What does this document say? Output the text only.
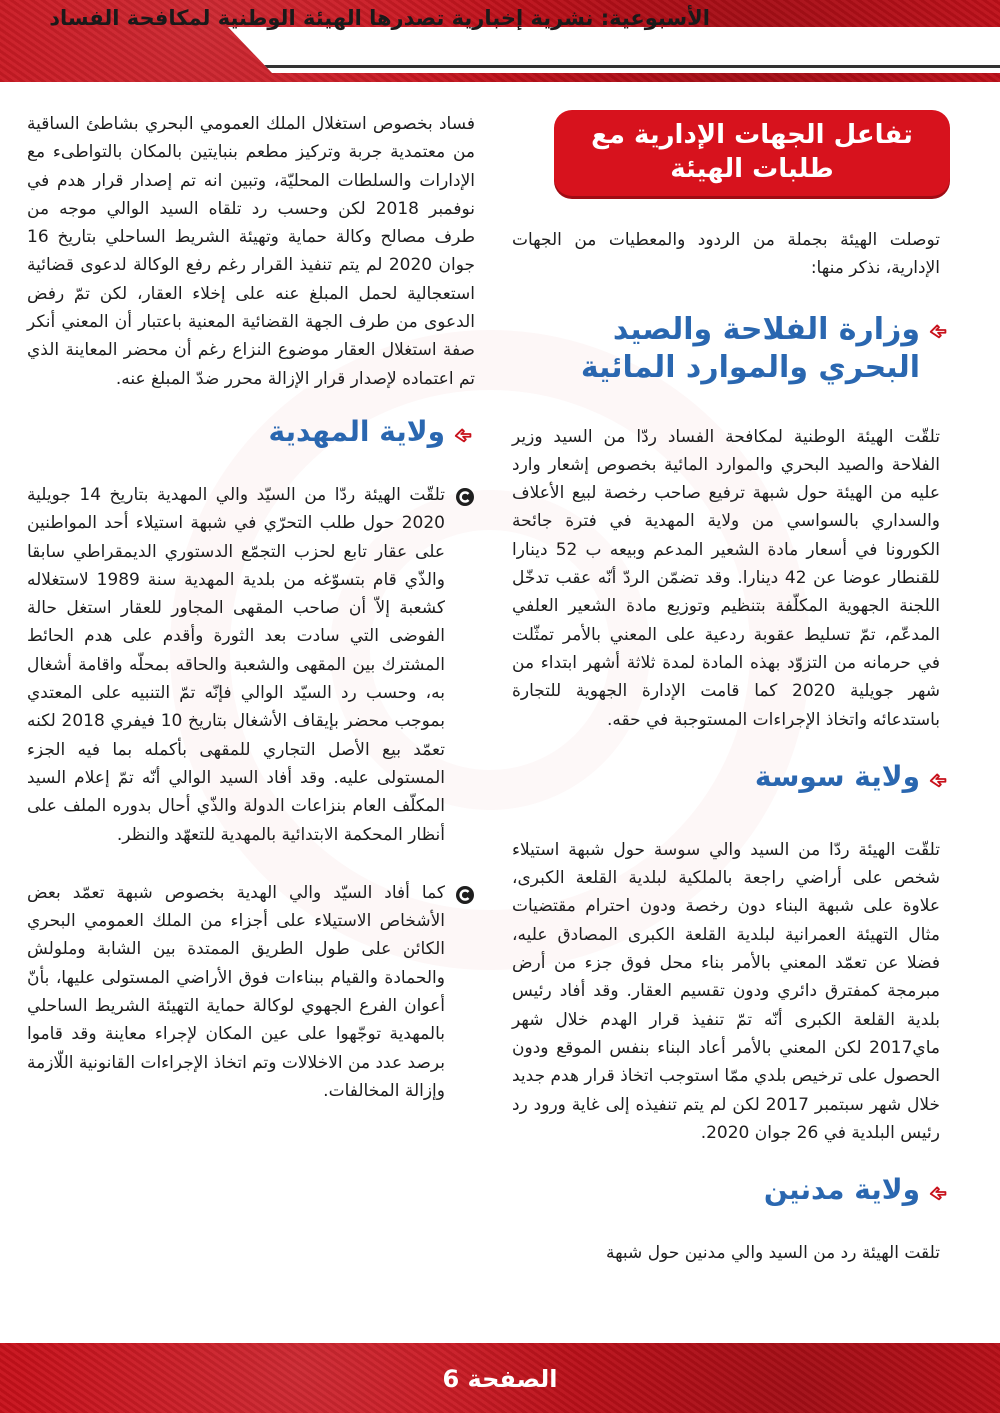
الأسبوعية: نشرية إخبارية تصدرها الهيئة الوطنية لمكافحة الفساد
تفاعل الجهات الإدارية مع طلبات الهيئة

توصلت الهيئة بجملة من الردود والمعطيات من الجهات الإدارية، نذكر منها:

وزارة الفلاحة والصيد البحري والموارد المائية

تلقّت الهيئة الوطنية لمكافحة الفساد ردّا من السيد وزير الفلاحة والصيد البحري والموارد المائية بخصوص إشعار وارد عليه من الهيئة حول شبهة ترفيع صاحب رخصة لبيع الأعلاف والسداري بالسواسي من ولاية المهدية في فترة جائحة الكورونا في أسعار مادة الشعير المدعم وبيعه ب 52 دينارا للقنطار عوضا عن 42 دينارا. وقد تضمّن الردّ أنّه عقب تدخّل اللجنة الجهوية المكلّفة بتنظيم وتوزيع مادة الشعير العلفي المدعّم، تمّ تسليط عقوبة ردعية على المعني بالأمر تمثّلت في حرمانه من التزوّد بهذه المادة لمدة ثلاثة أشهر ابتداء من شهر جويلية 2020 كما قامت الإدارة الجهوية للتجارة باستدعائه واتخاذ الإجراءات المستوجبة في حقه.

ولاية سوسة

تلقّت الهيئة ردّا من السيد والي سوسة حول شبهة استيلاء شخص على أراضي راجعة بالملكية لبلدية القلعة الكبرى، علاوة على شبهة البناء دون رخصة ودون احترام مقتضيات مثال التهيئة العمرانية لبلدية القلعة الكبرى المصادق عليه، فضلا عن تعمّد المعني بالأمر بناء محل فوق جزء من أرض مبرمجة كمفترق دائري ودون تقسيم العقار. وقد أفاد رئيس بلدية القلعة الكبرى أنّه تمّ تنفيذ قرار الهدم خلال شهر ماي2017 لكن المعني بالأمر أعاد البناء بنفس الموقع ودون الحصول على ترخيص بلدي ممّا استوجب اتخاذ قرار هدم جديد خلال شهر سبتمبر 2017 لكن لم يتم تنفيذه إلى غاية ورود رد رئيس البلدية في 26 جوان 2020.

ولاية مدنين

تلقت الهيئة رد من السيد والي مدنين حول شبهة

فساد بخصوص استغلال الملك العمومي البحري بشاطئ الساقية من معتمدية جربة وتركيز مطعم بنبايتين بالمكان بالتواطىء مع الإدارات والسلطات المحليّة، وتبين انه تم إصدار قرار هدم في نوفمبر 2018 لكن وحسب رد تلقاه السيد الوالي موجه من طرف مصالح وكالة حماية وتهيئة الشريط الساحلي بتاريخ 16 جوان 2020 لم يتم تنفيذ القرار رغم رفع الوكالة لدعوى قضائية استعجالية لحمل المبلغ عنه على إخلاء العقار، لكن تمّ رفض الدعوى من طرف الجهة القضائية المعنية باعتبار أن المعني أنكر صفة استغلال العقار موضوع النزاع رغم أن محضر المعاينة الذي تم اعتماده لإصدار قرار الإزالة محرر ضدّ المبلغ عنه.

ولاية المهدية

تلقّت الهيئة ردّا من السيّد والي المهدية بتاريخ 14 جويلية 2020 حول طلب التحرّي في شبهة استيلاء أحد المواطنين على عقار تابع لحزب التجمّع الدستوري الديمقراطي سابقا والذّي قام بتسوّغه من بلدية المهدية سنة 1989 لاستغلاله كشعبة إلاّ أن صاحب المقهى المجاور للعقار استغل حالة الفوضى التي سادت بعد الثورة وأقدم على هدم الحائط المشترك بين المقهى والشعبة والحاقه بمحلّه واقامة أشغال به، وحسب رد السيّد الوالي فإنّه تمّ التنبيه على المعتدي بموجب محضر بإيقاف الأشغال بتاريخ 10 فيفري 2018 لكنه تعمّد بيع الأصل التجاري للمقهى بأكمله بما فيه الجزء المستولى عليه. وقد أفاد السيد الوالي أنّه تمّ إعلام السيد المكلّف العام بنزاعات الدولة والذّي أحال بدوره الملف على أنظار المحكمة الابتدائية بالمهدية للتعهّد والنظر.

كما أفاد السيّد والي الهدية بخصوص شبهة تعمّد بعض الأشخاص الاستيلاء على أجزاء من الملك العمومي البحري الكائن على طول الطريق الممتدة بين الشابة وملولش والحمادة والقيام ببناءات فوق الأراضي المستولى عليها، بأنّ أعوان الفرع الجهوي لوكالة حماية التهيئة الشريط الساحلي بالمهدية توجّهوا على عين المكان لإجراء معاينة وقد قاموا برصد عدد من الاخلالات وتم اتخاذ الإجراءات القانونية اللّازمة وإزالة المخالفات.

الصفحة 6
